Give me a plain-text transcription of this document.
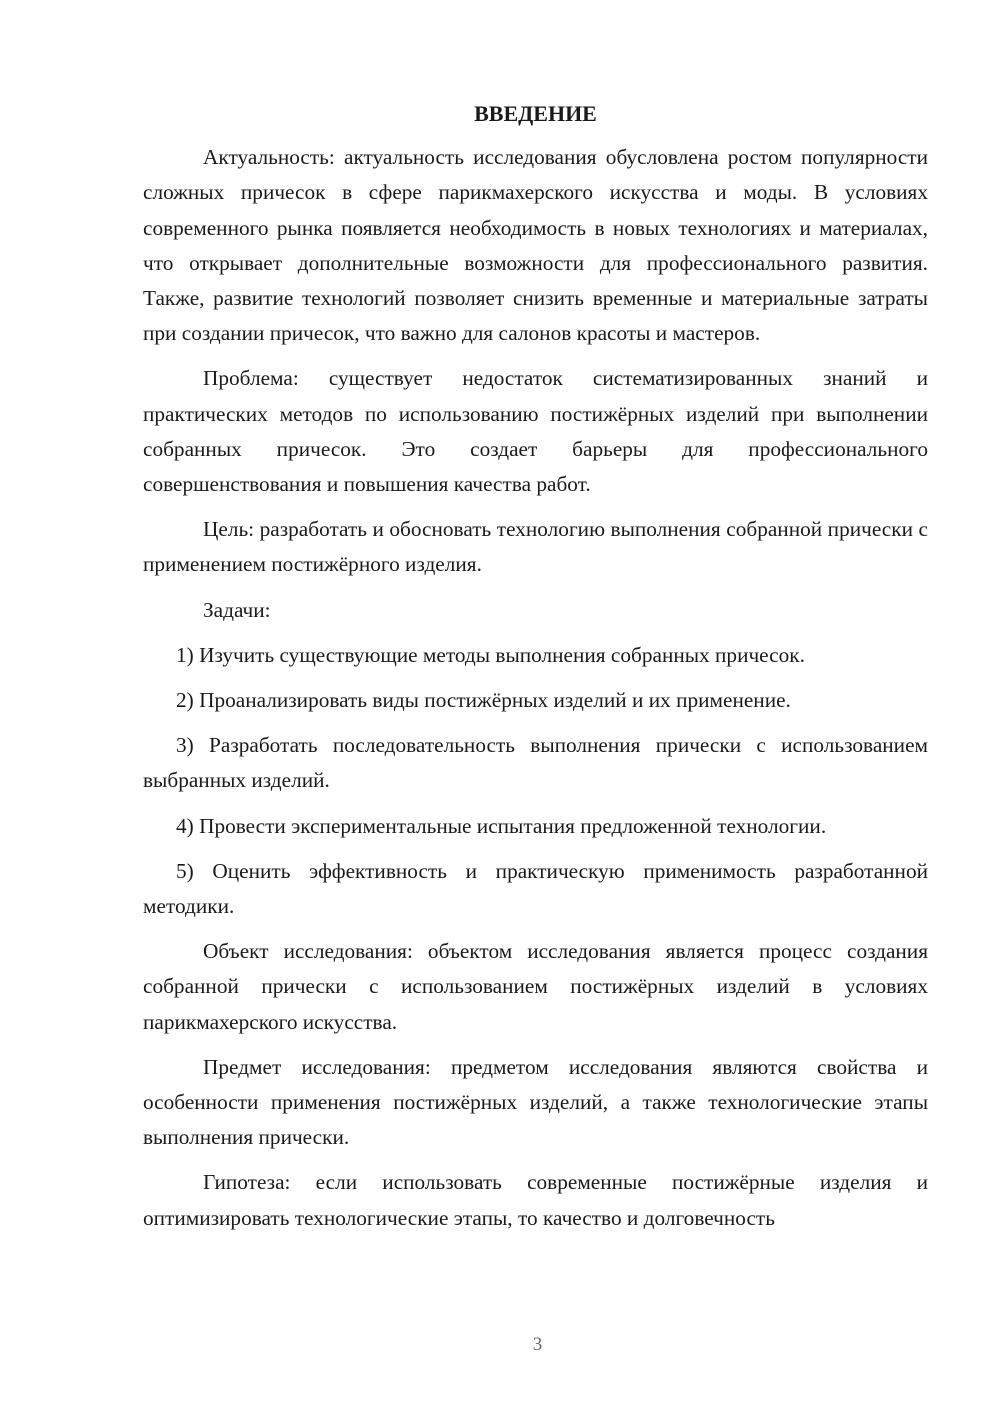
ВВЕДЕНИЕ

Актуальность: актуальность исследования обусловлена ростом популярности сложных причесок в сфере парикмахерского искусства и моды. В условиях современного рынка появляется необходимость в новых технологиях и материалах, что открывает дополнительные возможности для профессионального развития. Также, развитие технологий позволяет снизить временные и материальные затраты при создании причесок, что важно для салонов красоты и мастеров.

Проблема: существует недостаток систематизированных знаний и практических методов по использованию постижёрных изделий при выполнении собранных причесок. Это создает барьеры для профессионального совершенствования и повышения качества работ.

Цель: разработать и обосновать технологию выполнения собранной прически с применением постижёрного изделия.

Задачи:

1) Изучить существующие методы выполнения собранных причесок.

2) Проанализировать виды постижёрных изделий и их применение.

3) Разработать последовательность выполнения прически с использованием выбранных изделий.

4) Провести экспериментальные испытания предложенной технологии.

5) Оценить эффективность и практическую применимость разработанной методики.

Объект исследования: объектом исследования является процесс создания собранной прически с использованием постижёрных изделий в условиях парикмахерского искусства.

Предмет исследования: предметом исследования являются свойства и особенности применения постижёрных изделий, а также технологические этапы выполнения прически.

Гипотеза: если использовать современные постижёрные изделия и оптимизировать технологические этапы, то качество и долговечность

3
